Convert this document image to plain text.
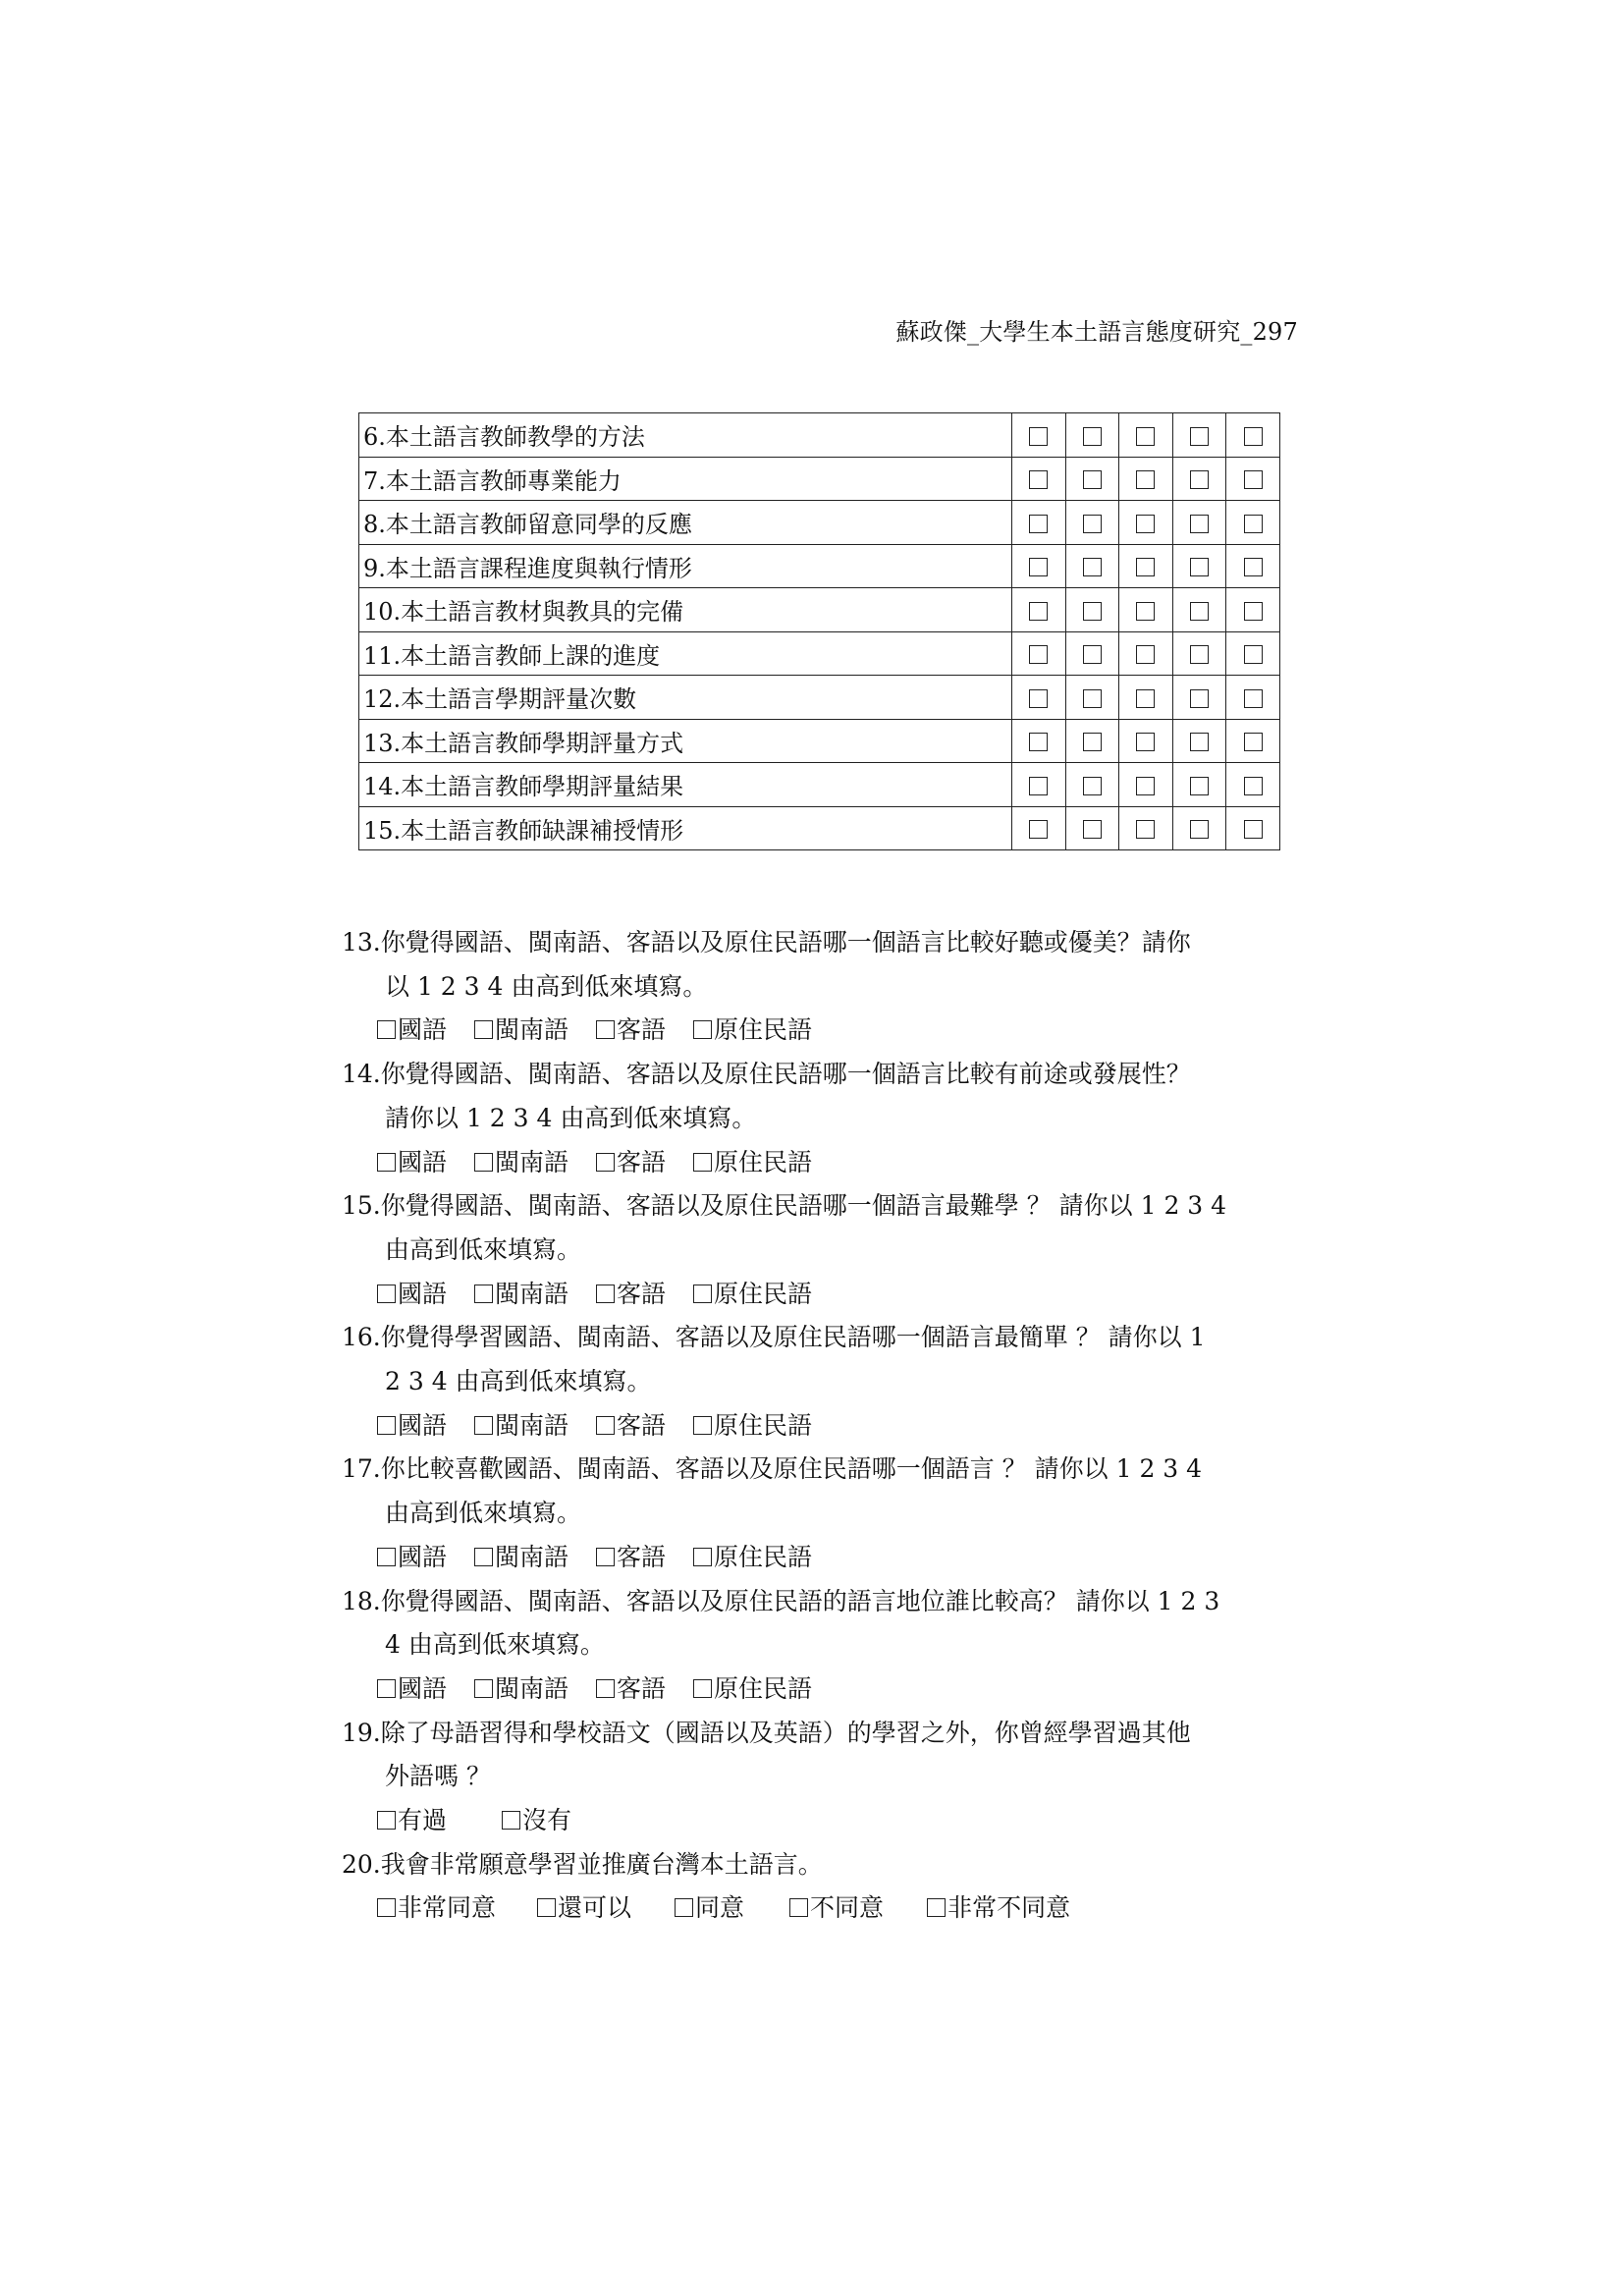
蘇政傑_大學生本土語言態度研究_297
6.本土語言教師教學的方法					
7.本土語言教師專業能力					
8.本土語言教師留意同學的反應					
9.本土語言課程進度與執行情形					
10.本土語言教材與教具的完備					
11.本土語言教師上課的進度					
12.本土語言學期評量次數					
13.本土語言教師學期評量方式					
14.本土語言教師學期評量結果					
15.本土語言教師缺課補授情形					
13.你覺得國語、閩南語、客語以及原住民語哪一個語言比較好聽或優美？請你
以 1 2 3 4 由高到低來填寫。
國語 閩南語 客語 原住民語
14.你覺得國語、閩南語、客語以及原住民語哪一個語言比較有前途或發展性？
請你以 1 2 3 4 由高到低來填寫。
國語 閩南語 客語 原住民語
15.你覺得國語、閩南語、客語以及原住民語哪一個語言最難學 ？ 請你以 1 2 3 4
由高到低來填寫。
國語 閩南語 客語 原住民語
16.你覺得學習國語、閩南語、客語以及原住民語哪一個語言最簡單 ？ 請你以 1
2 3 4 由高到低來填寫。
國語 閩南語 客語 原住民語
17.你比較喜歡國語、閩南語、客語以及原住民語哪一個語言 ？ 請你以 1 2 3 4
由高到低來填寫。
國語 閩南語 客語 原住民語
18.你覺得國語、閩南語、客語以及原住民語的語言地位誰比較高？ 請你以 1 2 3
4 由高到低來填寫。
國語 閩南語 客語 原住民語
19.除了母語習得和學校語文（國語以及英語）的學習之外，你曾經學習過其他
外語嗎 ？
有過	沒有
20.我會非常願意學習並推廣台灣本土語言。
非常同意	還可以	同意	不同意	非常不同意
